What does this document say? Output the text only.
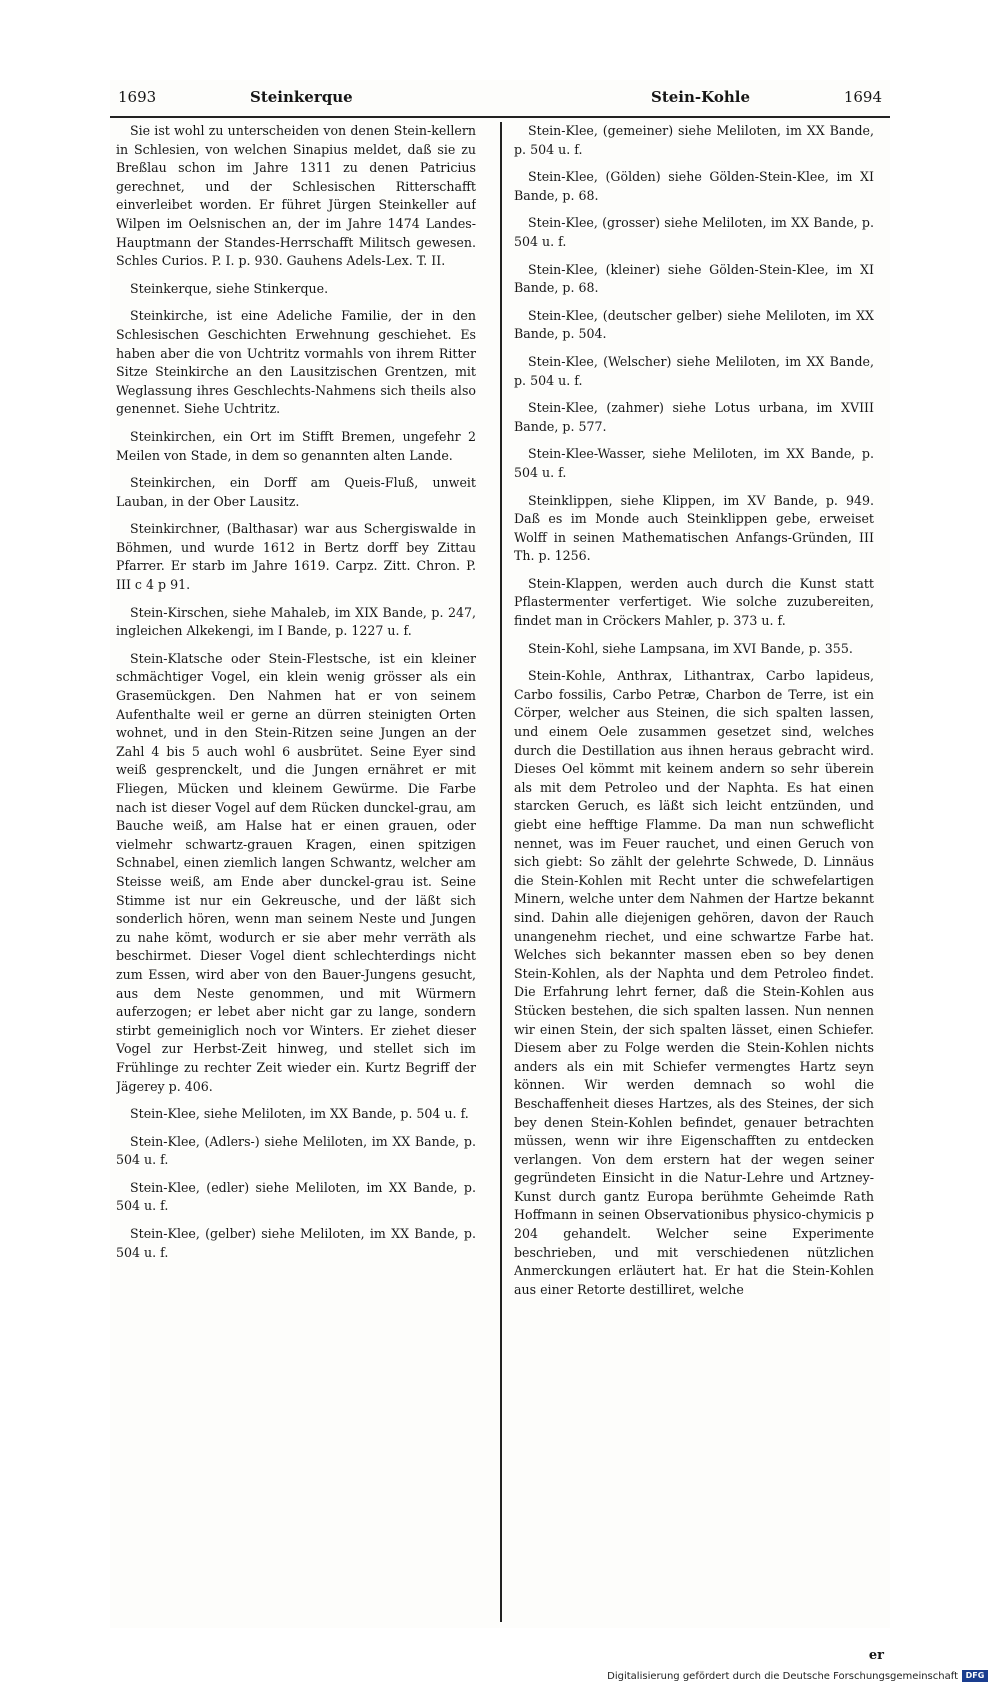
1693	Steinkerque	Stein-Kohle	1694

Sie ist wohl zu unterscheiden von denen Stein-kellern in Schlesien, von welchen Sinapius meldet, daß sie zu Breßlau schon im Jahre 1311 zu denen Patricius gerechnet, und der Schlesischen Ritterschafft einverleibet worden. Er führet Jürgen Steinkeller auf Wilpen im Oelsnischen an, der im Jahre 1474 Landes-Hauptmann der Standes-Herrschafft Militsch gewesen. Schles Curios. P. I. p. 930. Gauhens Adels-Lex. T. II.

Steinkerque, siehe Stinkerque.

Steinkirche, ist eine Adeliche Familie, der in den Schlesischen Geschichten Erwehnung geschiehet. Es haben aber die von Uchtritz vormahls von ihrem Ritter Sitze Steinkirche an den Lausitzischen Grentzen, mit Weglassung ihres Geschlechts-Nahmens sich theils also genennet. Siehe Uchtritz.

Steinkirchen, ein Ort im Stifft Bremen, ungefehr 2 Meilen von Stade, in dem so genannten alten Lande.

Steinkirchen, ein Dorff am Queis-Fluß, unweit Lauban, in der Ober Lausitz.

Steinkirchner, (Balthasar) war aus Schergiswalde in Böhmen, und wurde 1612 in Bertz dorff bey Zittau Pfarrer. Er starb im Jahre 1619. Carpz. Zitt. Chron. P. III c 4 p 91.

Stein-Kirschen, siehe Mahaleb, im XIX Bande, p. 247, ingleichen Alkekengi, im I Bande, p. 1227 u. f.

Stein-Klatsche oder Stein-Flestsche, ist ein kleiner schmächtiger Vogel, ein klein wenig grösser als ein Grasemückgen. Den Nahmen hat er von seinem Aufenthalte weil er gerne an dürren steinigten Orten wohnet, und in den Stein-Ritzen seine Jungen an der Zahl 4 bis 5 auch wohl 6 ausbrütet. Seine Eyer sind weiß gesprenckelt, und die Jungen ernähret er mit Fliegen, Mücken und kleinem Gewürme. Die Farbe nach ist dieser Vogel auf dem Rücken dunckel-grau, am Bauche weiß, am Halse hat er einen grauen, oder vielmehr schwartz-grauen Kragen, einen spitzigen Schnabel, einen ziemlich langen Schwantz, welcher am Steisse weiß, am Ende aber dunckel-grau ist. Seine Stimme ist nur ein Gekreusche, und der läßt sich sonderlich hören, wenn man seinem Neste und Jungen zu nahe kömt, wodurch er sie aber mehr verräth als beschirmet. Dieser Vogel dient schlechterdings nicht zum Essen, wird aber von den Bauer-Jungens gesucht, aus dem Neste genommen, und mit Würmern auferzogen; er lebet aber nicht gar zu lange, sondern stirbt gemeiniglich noch vor Winters. Er ziehet dieser Vogel zur Herbst-Zeit hinweg, und stellet sich im Frühlinge zu rechter Zeit wieder ein. Kurtz Begriff der Jägerey p. 406.

Stein-Klee, siehe Meliloten, im XX Bande, p. 504 u. f.

Stein-Klee, (Adlers-) siehe Meliloten, im XX Bande, p. 504 u. f.

Stein-Klee, (edler) siehe Meliloten, im XX Bande, p. 504 u. f.

Stein-Klee, (gelber) siehe Meliloten, im XX Bande, p. 504 u. f.

Stein-Klee, (gemeiner) siehe Meliloten, im XX Bande, p. 504 u. f.

Stein-Klee, (Gölden) siehe Gölden-Stein-Klee, im XI Bande, p. 68.

Stein-Klee, (grosser) siehe Meliloten, im XX Bande, p. 504 u. f.

Stein-Klee, (kleiner) siehe Gölden-Stein-Klee, im XI Bande, p. 68.

Stein-Klee, (deutscher gelber) siehe Meliloten, im XX Bande, p. 504.

Stein-Klee, (Welscher) siehe Meliloten, im XX Bande, p. 504 u. f.

Stein-Klee, (zahmer) siehe Lotus urbana, im XVIII Bande, p. 577.

Stein-Klee-Wasser, siehe Meliloten, im XX Bande, p. 504 u. f.

Steinklippen, siehe Klippen, im XV Bande, p. 949. Daß es im Monde auch Steinklippen gebe, erweiset Wolff in seinen Mathematischen Anfangs-Gründen, III Th. p. 1256.

Stein-Klappen, werden auch durch die Kunst statt Pflastermenter verfertiget. Wie solche zuzubereiten, findet man in Cröckers Mahler, p. 373 u. f.

Stein-Kohl, siehe Lampsana, im XVI Bande, p. 355.

Stein-Kohle, Anthrax, Lithantrax, Carbo lapideus, Carbo fossilis, Carbo Petræ, Charbon de Terre, ist ein Cörper, welcher aus Steinen, die sich spalten lassen, und einem Oele zusammen gesetzet sind, welches durch die Destillation aus ihnen heraus gebracht wird. Dieses Oel kömmt mit keinem andern so sehr überein als mit dem Petroleo und der Naphta. Es hat einen starcken Geruch, es läßt sich leicht entzünden, und giebt eine hefftige Flamme. Da man nun schweflicht nennet, was im Feuer rauchet, und einen Geruch von sich giebt: So zählt der gelehrte Schwede, D. Linnäus die Stein-Kohlen mit Recht unter die schwefelartigen Minern, welche unter dem Nahmen der Hartze bekannt sind. Dahin alle diejenigen gehören, davon der Rauch unangenehm riechet, und eine schwartze Farbe hat. Welches sich bekannter massen eben so bey denen Stein-Kohlen, als der Naphta und dem Petroleo findet. Die Erfahrung lehrt ferner, daß die Stein-Kohlen aus Stücken bestehen, die sich spalten lassen. Nun nennen wir einen Stein, der sich spalten lässet, einen Schiefer. Diesem aber zu Folge werden die Stein-Kohlen nichts anders als ein mit Schiefer vermengtes Hartz seyn können. Wir werden demnach so wohl die Beschaffenheit dieses Hartzes, als des Steines, der sich bey denen Stein-Kohlen befindet, genauer betrachten müssen, wenn wir ihre Eigenschafften zu entdecken verlangen. Von dem erstern hat der wegen seiner gegründeten Einsicht in die Natur-Lehre und Artzney-Kunst durch gantz Europa berühmte Geheimde Rath Hoffmann in seinen Observationibus physico-chymicis p 204 gehandelt. Welcher seine Experimente beschrieben, und mit verschiedenen nützlichen Anmerckungen erläutert hat. Er hat die Stein-Kohlen aus einer Retorte destilliret, welche

er
Digitalisierung gefördert durch die Deutsche Forschungsgemeinschaft DFG
